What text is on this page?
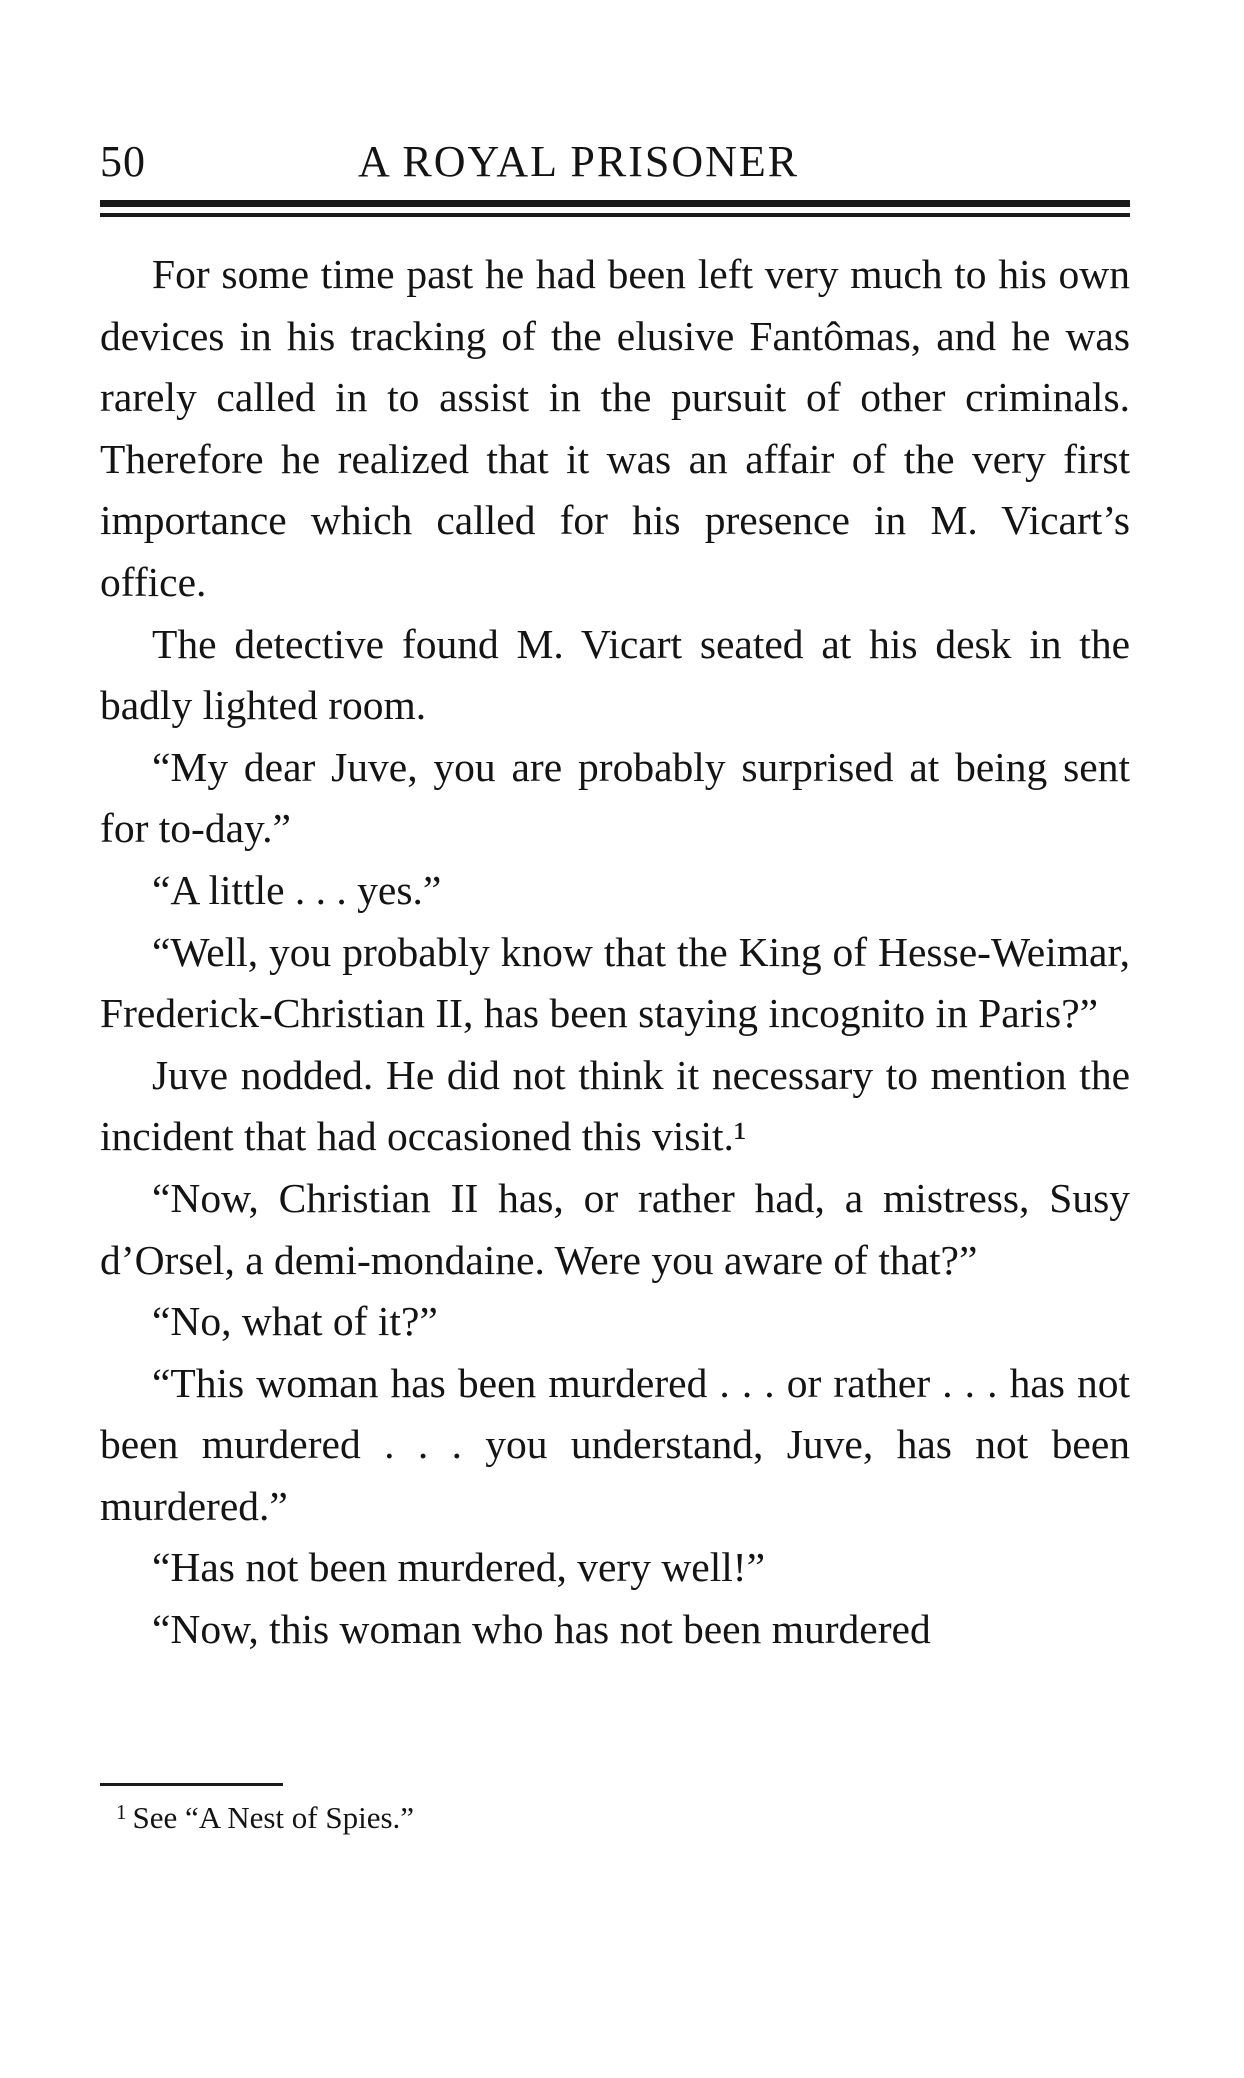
50	A ROYAL PRISONER

For some time past he had been left very much to his own devices in his tracking of the elusive Fantômas, and he was rarely called in to assist in the pursuit of other criminals. Therefore he realized that it was an affair of the very first importance which called for his presence in M. Vicart’s office.

The detective found M. Vicart seated at his desk in the badly lighted room.

“My dear Juve, you are probably surprised at being sent for to-day.”

“A little . . . yes.”

“Well, you probably know that the King of Hesse-Weimar, Frederick-Christian II, has been staying incognito in Paris?”

Juve nodded. He did not think it necessary to mention the incident that had occasioned this visit.¹

“Now, Christian II has, or rather had, a mistress, Susy d’Orsel, a demi-mondaine. Were you aware of that?”

“No, what of it?”

“This woman has been murdered . . . or rather . . . has not been murdered . . . you understand, Juve, has not been murdered.”

“Has not been murdered, very well!”

“Now, this woman who has not been murdered

$^1$ See “A Nest of Spies.”
